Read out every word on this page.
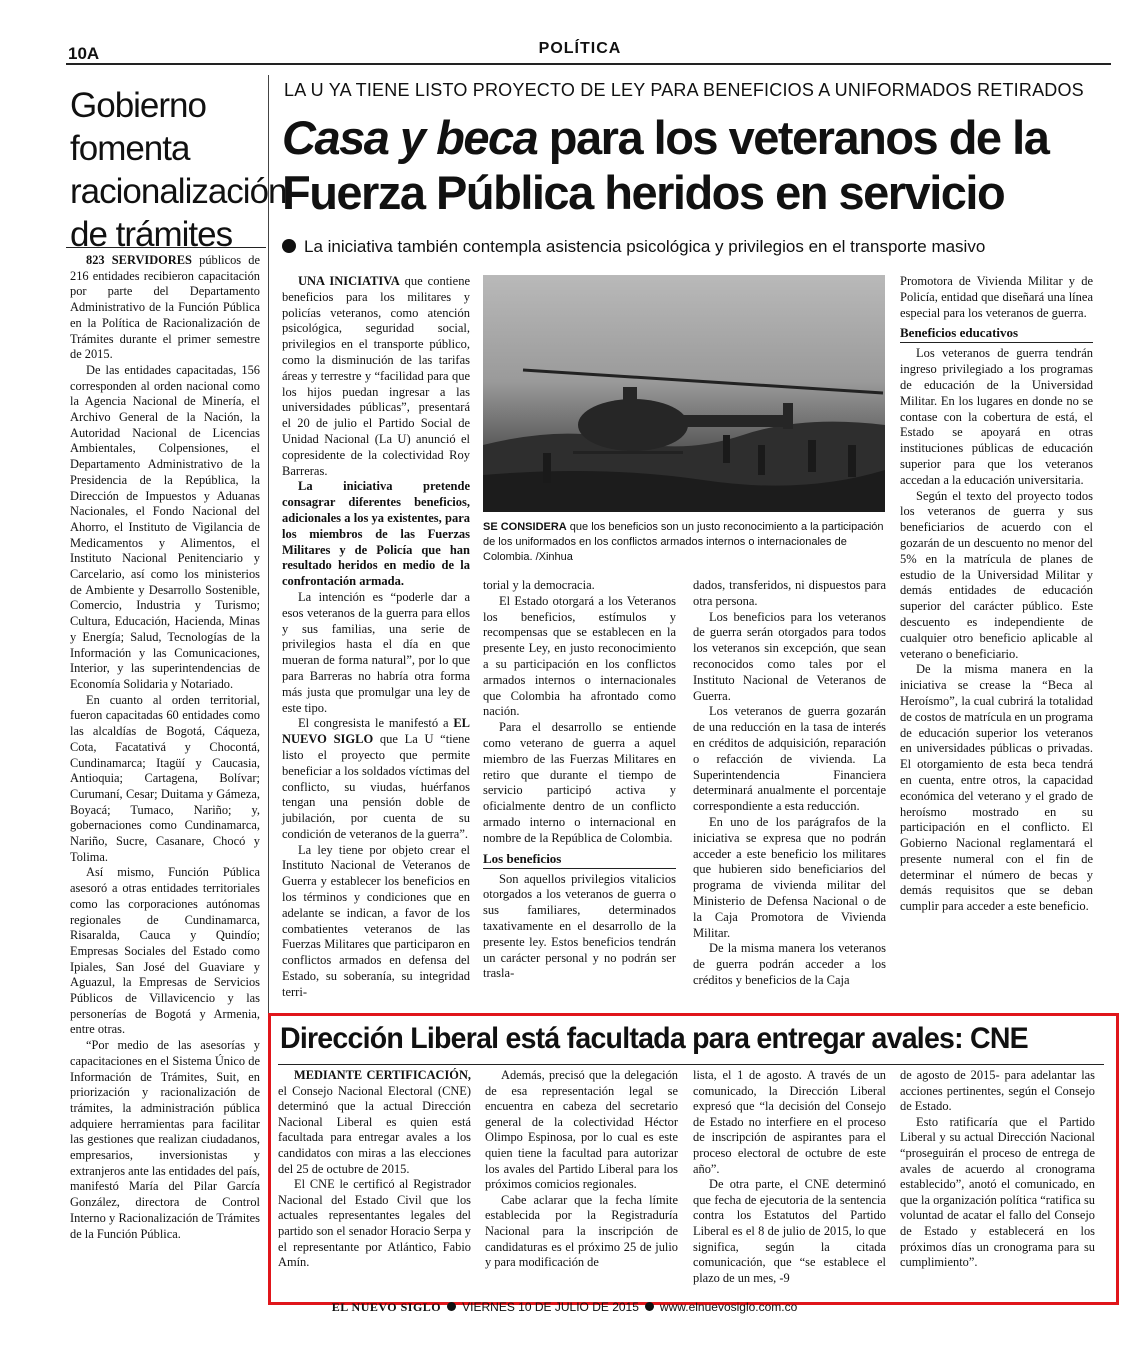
10A	POLÍTICA
Gobierno fomenta racionalización de trámites

823 SERVIDORES públicos de 216 entidades recibieron capacitación por parte del Departamento Administrativo de la Función Pública en la Política de Racionalización de Trámites durante el primer semestre de 2015.

De las entidades capacitadas, 156 corresponden al orden nacional como la Agencia Nacional de Minería, el Archivo General de la Nación, la Autoridad Nacional de Licencias Ambientales, Colpensiones, el Departamento Administrativo de la Presidencia de la República, la Dirección de Impuestos y Aduanas Nacionales, el Fondo Nacional del Ahorro, el Instituto de Vigilancia de Medicamentos y Alimentos, el Instituto Nacional Penitenciario y Carcelario, así como los ministerios de Ambiente y Desarrollo Sostenible, Comercio, Industria y Turismo; Cultura, Educación, Hacienda, Minas y Energía; Salud, Tecnologías de la Información y las Comunicaciones, Interior, y las superintendencias de Economía Solidaria y Notariado.

En cuanto al orden territorial, fueron capacitadas 60 entidades como las alcaldías de Bogotá, Cáqueza, Cota, Facatativá y Chocontá, Cundinamarca; Itagüí y Caucasia, Antioquia; Cartagena, Bolívar; Curumaní, Cesar; Duitama y Gámeza, Boyacá; Tumaco, Nariño; y, gobernaciones como Cundinamarca, Nariño, Sucre, Casanare, Chocó y Tolima.

Así mismo, Función Pública asesoró a otras entidades territoriales como las corporaciones autónomas regionales de Cundinamarca, Risaralda, Cauca y Quindío; Empresas Sociales del Estado como Ipiales, San José del Guaviare y Aguazul, la Empresas de Servicios Públicos de Villavicencio y las personerías de Bogotá y Armenia, entre otras.

“Por medio de las asesorías y capacitaciones en el Sistema Único de Información de Trámites, Suit, en priorización y racionalización de trámites, la administración pública adquiere herramientas para facilitar las gestiones que realizan ciudadanos, empresarios, inversionistas y extranjeros ante las entidades del país, manifestó María del Pilar García González, directora de Control Interno y Racionalización de Trámites de la Función Pública.

LA U YA TIENE LISTO PROYECTO DE LEY PARA BENEFICIOS A UNIFORMADOS RETIRADOS
Casa y beca para los veteranos de la Fuerza Pública heridos en servicio
La iniciativa también contempla asistencia psicológica y privilegios en el transporte masivo

UNA INICIATIVA que contiene beneficios para los militares y policías veteranos, como atención psicológica, seguridad social, privilegios en el transporte público, como la disminución de las tarifas áreas y terrestre y “facilidad para que los hijos puedan ingresar a las universidades públicas”, presentará el 20 de julio el Partido Social de Unidad Nacional (La U) anunció el copresidente de la colectividad Roy Barreras.

La iniciativa pretende consagrar diferentes beneficios, adicionales a los ya existentes, para los miembros de las Fuerzas Militares y de Policía que han resultado heridos en medio de la confrontación armada.

La intención es “poderle dar a esos veteranos de la guerra para ellos y sus familias, una serie de privilegios hasta el día en que mueran de forma natural”, por lo que para Barreras no habría otra forma más justa que promulgar una ley de este tipo.

El congresista le manifestó a EL NUEVO SIGLO que La U “tiene listo el proyecto que permite beneficiar a los soldados víctimas del conflicto, su viudas, huérfanos tengan una pensión doble de jubilación, por cuenta de su condición de veteranos de la guerra”.

La ley tiene por objeto crear el Instituto Nacional de Veteranos de Guerra y establecer los beneficios en los términos y condiciones que en adelante se indican, a favor de los combatientes veteranos de las Fuerzas Militares que participaron en conflictos armados en defensa del Estado, su soberanía, su integridad terri-

SE CONSIDERA que los beneficios son un justo reconocimiento a la participación de los uniformados en los conflictos armados internos o internacionales de Colombia. /Xinhua

torial y la democracia.

El Estado otorgará a los Veteranos los beneficios, estímulos y recompensas que se establecen en la presente Ley, en justo reconocimiento a su participación en los conflictos armados internos o internacionales que Colombia ha afrontado como nación.

Para el desarrollo se entiende como veterano de guerra a aquel miembro de las Fuerzas Militares en retiro que durante el tiempo de servicio participó activa y oficialmente dentro de un conflicto armado interno o internacional en nombre de la República de Colombia.

Los beneficios

Son aquellos privilegios vitalicios otorgados a los veteranos de guerra o sus familiares, determinados taxativamente en el desarrollo de la presente ley. Estos beneficios tendrán un carácter personal y no podrán ser trasla-

dados, transferidos, ni dispuestos para otra persona.

Los beneficios para los veteranos de guerra serán otorgados para todos los veteranos sin excepción, que sean reconocidos como tales por el Instituto Nacional de Veteranos de Guerra.

Los veteranos de guerra gozarán de una reducción en la tasa de interés en créditos de adquisición, reparación o refacción de vivienda. La Superintendencia Financiera determinará anualmente el porcentaje correspondiente a esta reducción.

En uno de los parágrafos de la iniciativa se expresa que no podrán acceder a este beneficio los militares que hubieren sido beneficiarios del programa de vivienda militar del Ministerio de Defensa Nacional o de la Caja Promotora de Vivienda Militar.

De la misma manera los veteranos de guerra podrán acceder a los créditos y beneficios de la Caja

Promotora de Vivienda Militar y de Policía, entidad que diseñará una línea especial para los veteranos de guerra.

Beneficios educativos

Los veteranos de guerra tendrán ingreso privilegiado a los programas de educación de la Universidad Militar. En los lugares en donde no se contase con la cobertura de está, el Estado se apoyará en otras instituciones públicas de educación superior para que los veteranos accedan a la educación universitaria.

Según el texto del proyecto todos los veteranos de guerra y sus beneficiarios de acuerdo con el gozarán de un descuento no menor del 5% en la matrícula de planes de estudio de la Universidad Militar y demás entidades de educación superior del carácter público. Este descuento es independiente de cualquier otro beneficio aplicable al veterano o beneficiario.

De la misma manera en la iniciativa se crease la “Beca al Heroísmo”, la cual cubrirá la totalidad de costos de matrícula en un programa de educación superior los veteranos en universidades públicas o privadas. El otorgamiento de esta beca tendrá en cuenta, entre otros, la capacidad económica del veterano y el grado de heroísmo mostrado en su participación en el conflicto. El Gobierno Nacional reglamentará el presente numeral con el fin de determinar el número de becas y demás requisitos que se deban cumplir para acceder a este beneficio.

Dirección Liberal está facultada para entregar avales: CNE

MEDIANTE CERTIFICACIÓN, el Consejo Nacional Electoral (CNE) determinó que la actual Dirección Nacional Liberal es quien está facultada para entregar avales a los candidatos con miras a las elecciones del 25 de octubre de 2015.

El CNE le certificó al Registrador Nacional del Estado Civil que los actuales representantes legales del partido son el senador Horacio Serpa y el representante por Atlántico, Fabio Amín.

Además, precisó que la delegación de esa representación legal se encuentra en cabeza del secretario general de la colectividad Héctor Olimpo Espinosa, por lo cual es este quien tiene la facultad para autorizar los avales del Partido Liberal para los próximos comicios regionales.

Cabe aclarar que la fecha límite establecida por la Registraduría Nacional para la inscripción de candidaturas es el próximo 25 de julio y para modificación de

lista, el 1 de agosto. A través de un comunicado, la Dirección Liberal expresó que “la decisión del Consejo de Estado no interfiere en el proceso de inscripción de aspirantes para el proceso electoral de octubre de este año”.

De otra parte, el CNE determinó que fecha de ejecutoria de la sentencia contra los Estatutos del Partido Liberal es el 8 de julio de 2015, lo que significa, según la citada comunicación, que “se establece el plazo de un mes, -9

de agosto de 2015- para adelantar las acciones pertinentes, según el Consejo de Estado.

Esto ratificaría que el Partido Liberal y su actual Dirección Nacional “proseguirán el proceso de entrega de avales de acuerdo al cronograma establecido”, anotó el comunicado, en que la organización política “ratifica su voluntad de acatar el fallo del Consejo de Estado y establecerá en los próximos días un cronograma para su cumplimiento”.

EL NUEVO SIGLO VIERNES 10 DE JULIO DE 2015 www.elnuevosiglo.com.co
